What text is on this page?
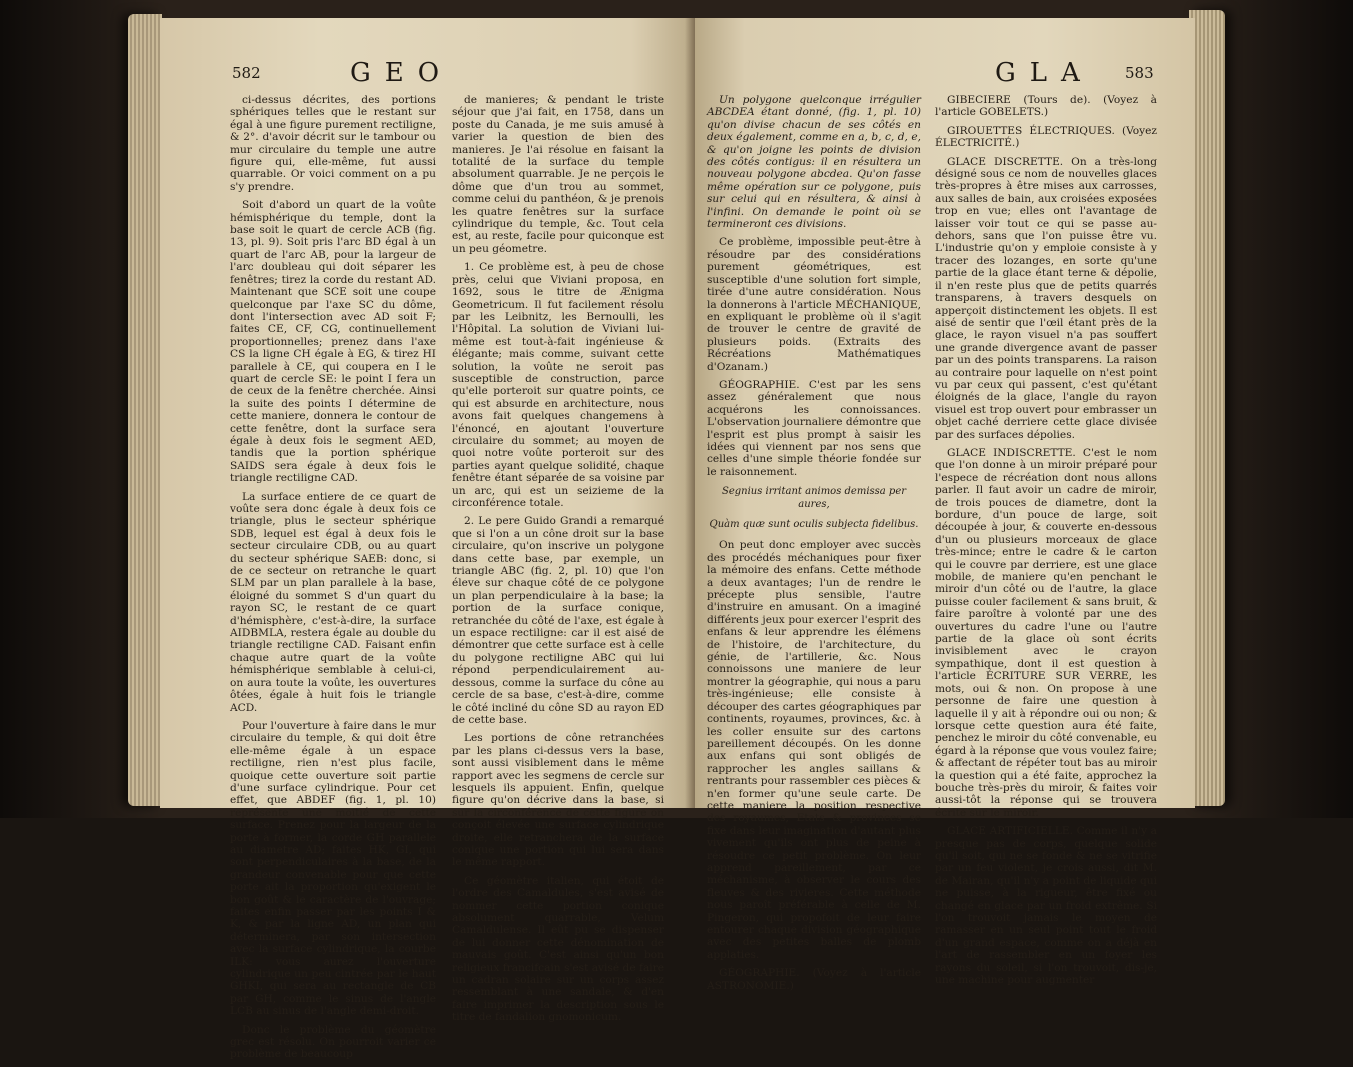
582	GEO

ci-dessus décrites, des portions sphériques telles que le restant sur égal à une figure purement rectiligne, & 2°. d'avoir décrit sur le tambour ou mur circulaire du temple une autre figure qui, elle-même, fut aussi quarrable. Or voici comment on a pu s'y prendre.

Soit d'abord un quart de la voûte hémisphérique du temple, dont la base soit le quart de cercle ACB (fig. 13, pl. 9). Soit pris l'arc BD égal à un quart de l'arc AB, pour la largeur de l'arc doubleau qui doit séparer les fenêtres; tirez la corde du restant AD. Maintenant que SCE soit une coupe quelconque par l'axe SC du dôme, dont l'intersection avec AD soit F; faites CE, CF, CG, continuellement proportionnelles; prenez dans l'axe CS la ligne CH égale à EG, & tirez HI parallele à CE, qui coupera en I le quart de cercle SE: le point I fera un de ceux de la fenêtre cherchée. Ainsi la suite des points I détermine de cette maniere, donnera le contour de cette fenêtre, dont la surface sera égale à deux fois le segment AED, tandis que la portion sphérique SAIDS sera égale à deux fois le triangle rectiligne CAD.

La surface entiere de ce quart de voûte sera donc égale à deux fois ce triangle, plus le secteur sphérique SDB, lequel est égal à deux fois le secteur circulaire CDB, ou au quart du secteur sphérique SAEB: donc, si de ce secteur on retranche le quart SLM par un plan parallele à la base, éloigné du sommet S d'un quart du rayon SC, le restant de ce quart d'hémisphère, c'est-à-dire, la surface AIDBMLA, restera égale au double du triangle rectiligne CAD. Faisant enfin chaque autre quart de la voûte hémisphérique semblable à celui-ci, on aura toute la voûte, les ouvertures ôtées, égale à huit fois le triangle ACD.

Pour l'ouverture à faire dans le mur circulaire du temple, & qui doit être elle-même égale à un espace rectiligne, rien n'est plus facile, quoique cette ouverture soit partie d'une surface cylindrique. Pour cet effet, que ABDEF (fig. 1, pl. 10) représente une moitié de cette surface. Prenez pour la largeur de la porte à former, la corde GH parallele au diametre AD; faites HK, GI, qui sont perpendiculaires à la base, de la grandeur convenable pour que cette porte ait la proportion qu'exigent le bon goût & le caractère de l'ouvrage; faites enfin passer par les points I & K, & par la ligne AD, un plan qui déterminera, par son intersection avec la surface cylindrique, la courbe ILK: vous aurez l'ouverture cylindrique un peu cintrée par le haut GHKI, qui sera au rectangle de CB par GH, comme le sinus de l'angle LCB au sinus de l'angle demi-droit.

Donc le problème du géomètre grec est résolu. On pourroit varier ce problème de beaucoup

de manieres; & pendant le triste séjour que j'ai fait, en 1758, dans un poste du Canada, je me suis amusé à varier la question de bien des manieres. Je l'ai résolue en faisant la totalité de la surface du temple absolument quarrable. Je ne perçois le dôme que d'un trou au sommet, comme celui du panthéon, & je prenois les quatre fenêtres sur la surface cylindrique du temple, &c. Tout cela est, au reste, facile pour quiconque est un peu géometre.

1. Ce problème est, à peu de chose près, celui que Viviani proposa, en 1692, sous le titre de Ænigma Geometricum. Il fut facilement résolu par les Leibnitz, les Bernoulli, les l'Hôpital. La solution de Viviani lui-même est tout-à-fait ingénieuse & élégante; mais comme, suivant cette solution, la voûte ne seroit pas susceptible de construction, parce qu'elle porteroit sur quatre points, ce qui est absurde en architecture, nous avons fait quelques changemens à l'énoncé, en ajoutant l'ouverture circulaire du sommet; au moyen de quoi notre voûte porteroit sur des parties ayant quelque solidité, chaque fenêtre étant séparée de sa voisine par un arc, qui est un seizieme de la circonférence totale.

2. Le pere Guido Grandi a remarqué que si l'on a un cône droit sur la base circulaire, qu'on inscrive un polygone dans cette base, par exemple, un triangle ABC (fig. 2, pl. 10) que l'on éleve sur chaque côté de ce polygone un plan perpendiculaire à la base; la portion de la surface conique, retranchée du côté de l'axe, est égale à un espace rectiligne: car il est aisé de démontrer que cette surface est à celle du polygone rectiligne ABC qui lui répond perpendiculairement au-dessous, comme la surface du cône au cercle de sa base, c'est-à-dire, comme le côté incliné du cône SD au rayon ED de cette base.

Les portions de cône retranchées par les plans ci-dessus vers la base, sont aussi visiblement dans le même rapport avec les segmens de cercle sur lesquels ils appuient. Enfin, quelque figure qu'on décrive dans la base, si sur la circonférence de cette figure on conçoit élevée une surface cylindrique droite, elle retranchera de la surface conique une portion qui lui sera dans le même rapport.

Ce géomètre italien, qui étoit de l'ordre des Camaldules, s'est avisé de nommer cette portion conique absolument quarrable, Velum Camaldulense. Il eût pu se dispenser de lui donner cette dénomination de mauvais goût. C'est ainsi qu'un bon religieux francifcain s'est avisé de faire un cadran solaire sur un corps assez ressemblant à une sandale, & d'en faire imprimer la description sous le titre de fandalion gnomonicum.

GLA 583

Un polygone quelconque irrégulier ABCDEA étant donné, (fig. 1, pl. 10) qu'on divise chacun de ses côtés en deux également, comme en a, b, c, d, e, & qu'on joigne les points de division des côtés contigus: il en résultera un nouveau polygone abcdea. Qu'on fasse même opération sur ce polygone, puis sur celui qui en résultera, & ainsi à l'infini. On demande le point où se termineront ces divisions.

Ce problème, impossible peut-être à résoudre par des considérations purement géométriques, est susceptible d'une solution fort simple, tirée d'une autre considération. Nous la donnerons à l'article MÉCHANIQUE, en expliquant le problème où il s'agit de trouver le centre de gravité de plusieurs poids. (Extraits des Récréations Mathématiques d'Ozanam.)

GÉOGRAPHIE. C'est par les sens assez généralement que nous acquérons les connoissances. L'observation journaliere démontre que l'esprit est plus prompt à saisir les idées qui viennent par nos sens que celles d'une simple théorie fondée sur le raisonnement.

Segnius irritant animos demissa per aures,

Quàm quæ sunt oculis subjecta fidelibus.

On peut donc employer avec succès des procédés méchaniques pour fixer la mémoire des enfans. Cette méthode a deux avantages; l'un de rendre le précepte plus sensible, l'autre d'instruire en amusant. On a imaginé différents jeux pour exercer l'esprit des enfans & leur apprendre les élémens de l'histoire, de l'architecture, du génie, de l'artillerie, &c. Nous connoissons une maniere de leur montrer la géographie, qui nous a paru très-ingénieuse; elle consiste à découper des cartes géographiques par continents, royaumes, provinces, &c. à les coller ensuite sur des cartons pareillement découpés. On les donne aux enfans qui sont obligés de rapprocher les angles saillans & rentrants pour rassembler ces pièces & n'en former qu'une seule carte. De cette maniere la position respective des royaumes, Etats & provinces se fixe dans leur imagination d'autant plus vivement qu'ils ont plus de peine à résoudre ce petit problème. On leur apprend pareillement, par ce méchanisme, à observer le cours des fleuves & des rivieres. Cette méthode nous paroît préférable à celle de M. Pingeron, qui propofoit de leur faire entourer chaque division géographique avec des petites balles de plomb applaties.

GÉOGRAPHIE. (Voyez à l'article ASTRONOMIE.)

GIBECIERE (Tours de). (Voyez à l'article GOBELETS.)

GIROUETTES ÉLECTRIQUES. (Voyez ÉLECTRICITÉ.)

GLACE DISCRETTE. On a très-long désigné sous ce nom de nouvelles glaces très-propres à être mises aux carrosses, aux salles de bain, aux croisées exposées trop en vue; elles ont l'avantage de laisser voir tout ce qui se passe au-dehors, sans que l'on puisse être vu. L'industrie qu'on y emploie consiste à y tracer des lozanges, en sorte qu'une partie de la glace étant terne & dépolie, il n'en reste plus que de petits quarrés transparens, à travers desquels on apperçoit distinctement les objets. Il est aisé de sentir que l'œil étant près de la glace, le rayon visuel n'a pas souffert une grande divergence avant de passer par un des points transparens. La raison au contraire pour laquelle on n'est point vu par ceux qui passent, c'est qu'étant éloignés de la glace, l'angle du rayon visuel est trop ouvert pour embrasser un objet caché derriere cette glace divisée par des surfaces dépolies.

GLACE INDISCRETTE. C'est le nom que l'on donne à un miroir préparé pour l'espece de récréation dont nous allons parler. Il faut avoir un cadre de miroir, de trois pouces de diametre, dont la bordure, d'un pouce de large, soit découpée à jour, & couverte en-dessous d'un ou plusieurs morceaux de glace très-mince; entre le cadre & le carton qui le couvre par derriere, est une glace mobile, de maniere qu'en penchant le miroir d'un côté ou de l'autre, la glace puisse couler facilement & sans bruit, & faire paroître à volonté par une des ouvertures du cadre l'une ou l'autre partie de la glace où sont écrits invisiblement avec le crayon sympathique, dont il est question à l'article ÉCRITURE SUR VERRE, les mots, oui & non. On propose à une personne de faire une question à laquelle il y ait à répondre oui ou non; & lorsque cette question aura été faite, penchez le miroir du côté convenable, eu égard à la réponse que vous voulez faire; & affectant de répéter tout bas au miroir la question qui a été faite, approchez la bouche très-près du miroir, & faites voir aussi-tôt la réponse qui se trouvera écrite sur le miroir.

GLACE ARTIFICIELLE. Comme il n'y a presque pas de corps, quelque solide qu'il soit, qui ne se fonde & ne se vitrifie par un feu violent, je crois aussi, dit M. de Mairan, qu'il n'y a point de liquide qui ne puisse, à la rigueur, être fixé ou changé en glace par un froid extrême. Si l'on trouvoit jamais le moyen de ramasser en un seul point tout le froid d'un grand espace, comme on a déjà en l'art de rassembler en un foyer les rayons du soleil, si l'on trouvoit, dis-je, une machine pour augmenter
